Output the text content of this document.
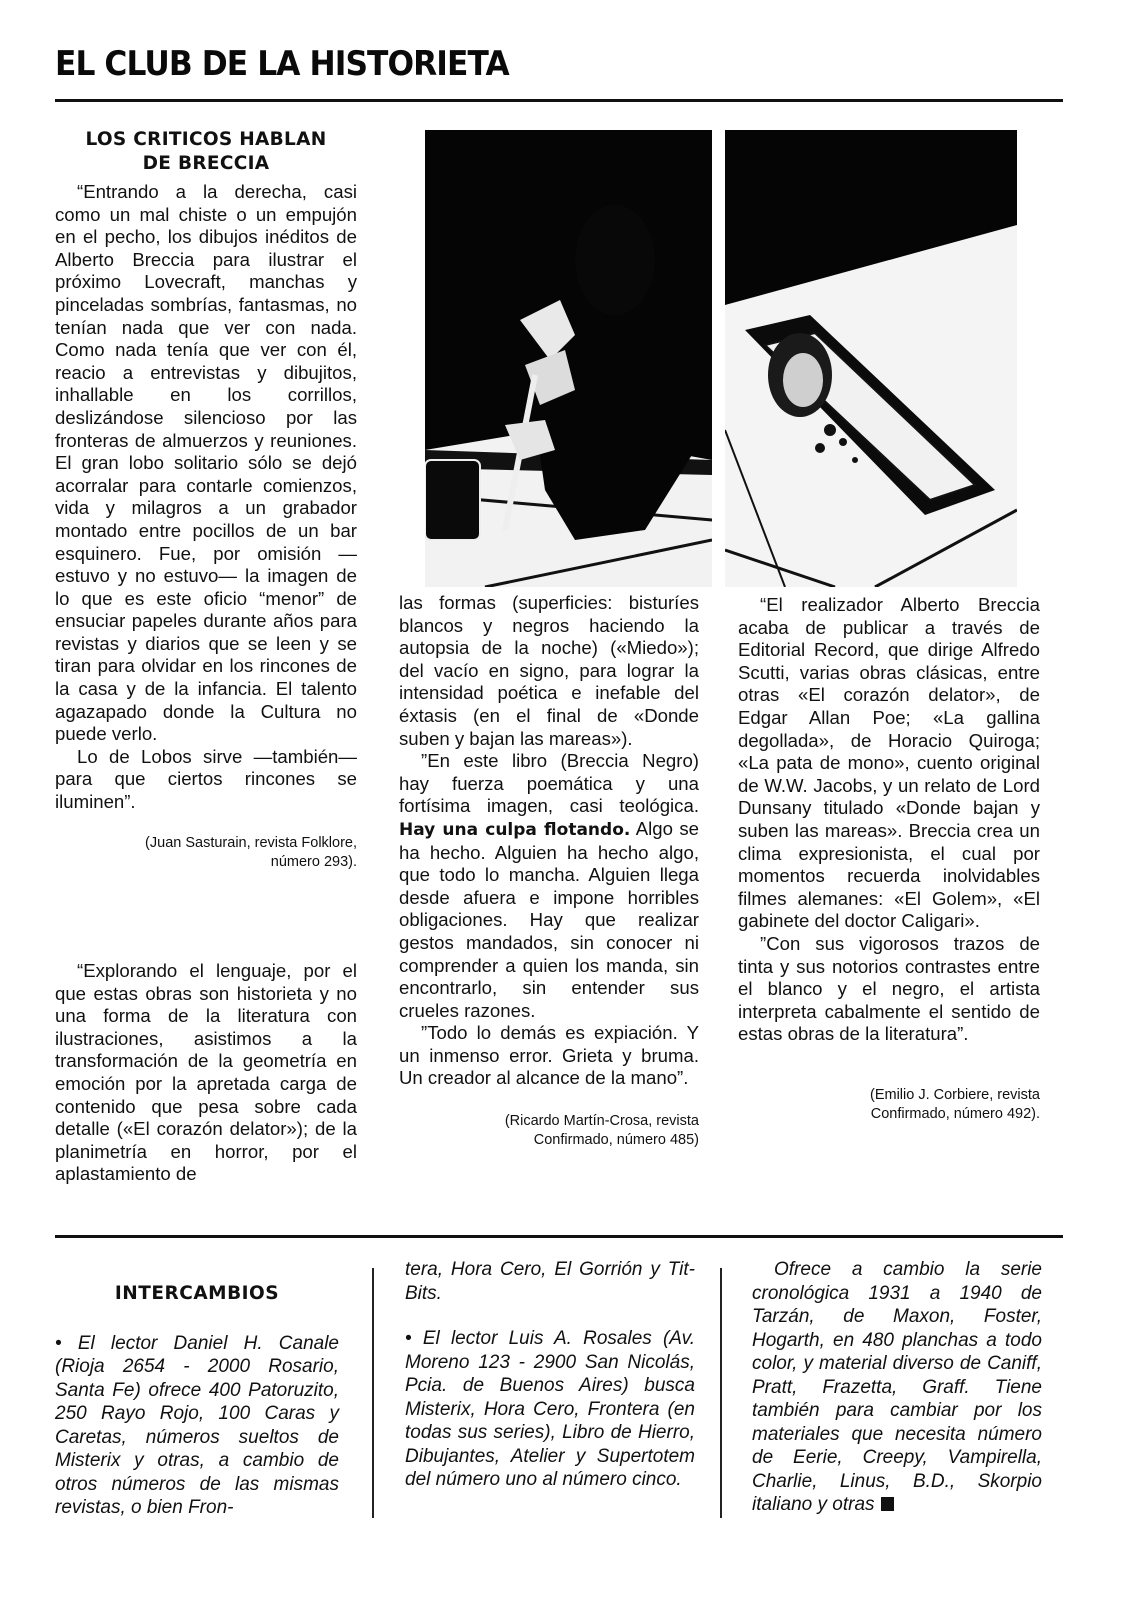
EL CLUB DE LA HISTORIETA
LOS CRITICOS HABLAN DE BRECCIA

“Entrando a la derecha, casi como un mal chiste o un empujón en el pecho, los dibujos inéditos de Alberto Breccia para ilustrar el próximo Lovecraft, manchas y pinceladas sombrías, fantasmas, no tenían nada que ver con nada. Como nada tenía que ver con él, reacio a entrevistas y dibujitos, inhallable en los corrillos, deslizándose silencioso por las fronteras de almuerzos y reuniones. El gran lobo solitario sólo se dejó acorralar para contarle comienzos, vida y milagros a un grabador montado entre pocillos de un bar esquinero. Fue, por omisión —estuvo y no estuvo— la imagen de lo que es este oficio “menor” de ensuciar papeles durante años para revistas y diarios que se leen y se tiran para olvidar en los rincones de la casa y de la infancia. El talento agazapado donde la Cultura no puede verlo.

Lo de Lobos sirve —también— para que ciertos rincones se iluminen”.

(Juan Sasturain, revista Folklore, número 293).

“Explorando el lenguaje, por el que estas obras son historieta y no una forma de la literatura con ilustraciones, asistimos a la transformación de la geometría en emoción por la apretada carga de contenido que pesa sobre cada detalle («El corazón delator»); de la planimetría en horror, por el aplastamiento de

las formas (superficies: bisturíes blancos y negros haciendo la autopsia de la noche) («Miedo»); del vacío en signo, para lograr la intensidad poética e inefable del éxtasis (en el final de «Donde suben y bajan las mareas»).

”En este libro (Breccia Negro) hay fuerza poemática y una fortísima imagen, casi teológica. Hay una culpa flotando. Algo se ha hecho. Alguien ha hecho algo, que todo lo mancha. Alguien llega desde afuera e impone horribles obligaciones. Hay que realizar gestos mandados, sin conocer ni comprender a quien los manda, sin encontrarlo, sin entender sus crueles razones.

”Todo lo demás es expiación. Y un inmenso error. Grieta y bruma. Un creador al alcance de la mano”.

(Ricardo Martín-Crosa, revista
Confirmado, número 485)

“El realizador Alberto Breccia acaba de publicar a través de Editorial Record, que dirige Alfredo Scutti, varias obras clásicas, entre otras «El corazón delator», de Edgar Allan Poe; «La gallina degollada», de Horacio Quiroga; «La pata de mono», cuento original de W.W. Jacobs, y un relato de Lord Dunsany titulado «Donde bajan y suben las mareas». Breccia crea un clima expresionista, el cual por momentos recuerda inolvidables filmes alemanes: «El Golem», «El gabinete del doctor Caligari».

”Con sus vigorosos trazos de tinta y sus notorios contrastes entre el blanco y el negro, el artista interpreta cabalmente el sentido de estas obras de la literatura”.

(Emilio J. Corbiere, revista
Confirmado, número 492).

INTERCAMBIOS

• El lector Daniel H. Canale (Rioja 2654 - 2000 Rosario, Santa Fe) ofrece 400 Patoruzito, 250 Rayo Rojo, 100 Caras y Caretas, números sueltos de Misterix y otras, a cambio de otros números de las mismas revistas, o bien Fron-

tera, Hora Cero, El Gorrión y Tit-Bits.

• El lector Luis A. Rosales (Av. Moreno 123 - 2900 San Nicolás, Pcia. de Buenos Aires) busca Misterix, Hora Cero, Frontera (en todas sus series), Libro de Hierro, Dibujantes, Atelier y Supertotem del número uno al número cinco.

Ofrece a cambio la serie cronológica 1931 a 1940 de Tarzán, de Maxon, Foster, Hogarth, en 480 planchas a todo color, y material diverso de Caniff, Pratt, Frazetta, Graff. Tiene también para cambiar por los materiales que necesita número de Eerie, Creepy, Vampirella, Charlie, Linus, B.D., Skorpio italiano y otras
